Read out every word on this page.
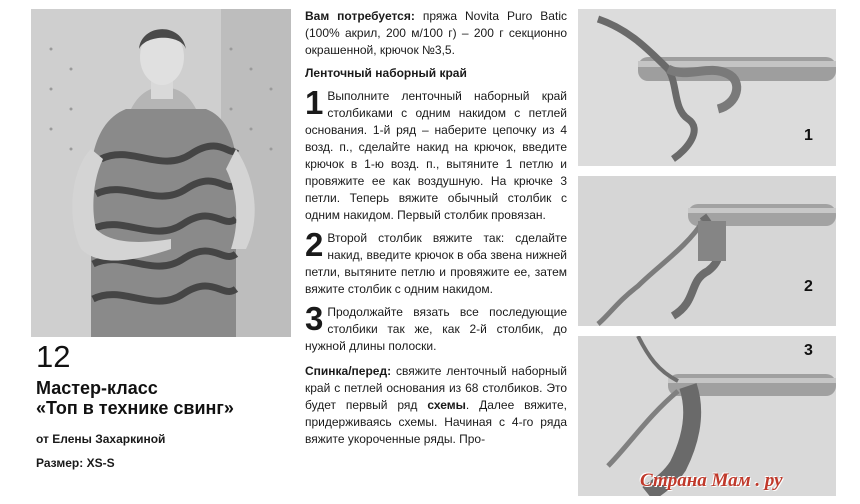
12

Мастер-класс

«Топ в технике свинг»

от Елены Захаркиной

Размер: XS-S

Вам потребуется: пряжа Novita Puro Batic (100% акрил, 200 м/100 г) – 200 г секционно окрашенной, крючок №3,5.

Ленточный наборный край
1 Выполните ленточный наборный край столбиками с одним накидом с петлей основания. 1-й ряд – наберите цепочку из 4 возд. п., сделайте накид на крючок, введите крючок в 1-ю возд. п., вытяните 1 петлю и провяжите ее как воздушную. На крючке 3 петли. Теперь вяжите обычный столбик с одним накидом. Первый столбик провязан.

2 Второй столбик вяжите так: сделайте накид, введите крючок в оба звена нижней петли, вытяните петлю и провяжите ее, затем вяжите столбик с одним накидом.

3 Продолжайте вязать все последующие столбики так же, как 2-й столбик, до нужной длины полоски.

Спинка/перед: свяжите ленточный наборный край с петлей основания из 68 столбиков. Это будет первый ряд схемы. Далее вяжите, придерживаясь схемы. Начиная с 4-го ряда вяжите укороченные ряды. Про-

1
2
3
Страна Мам . ру
